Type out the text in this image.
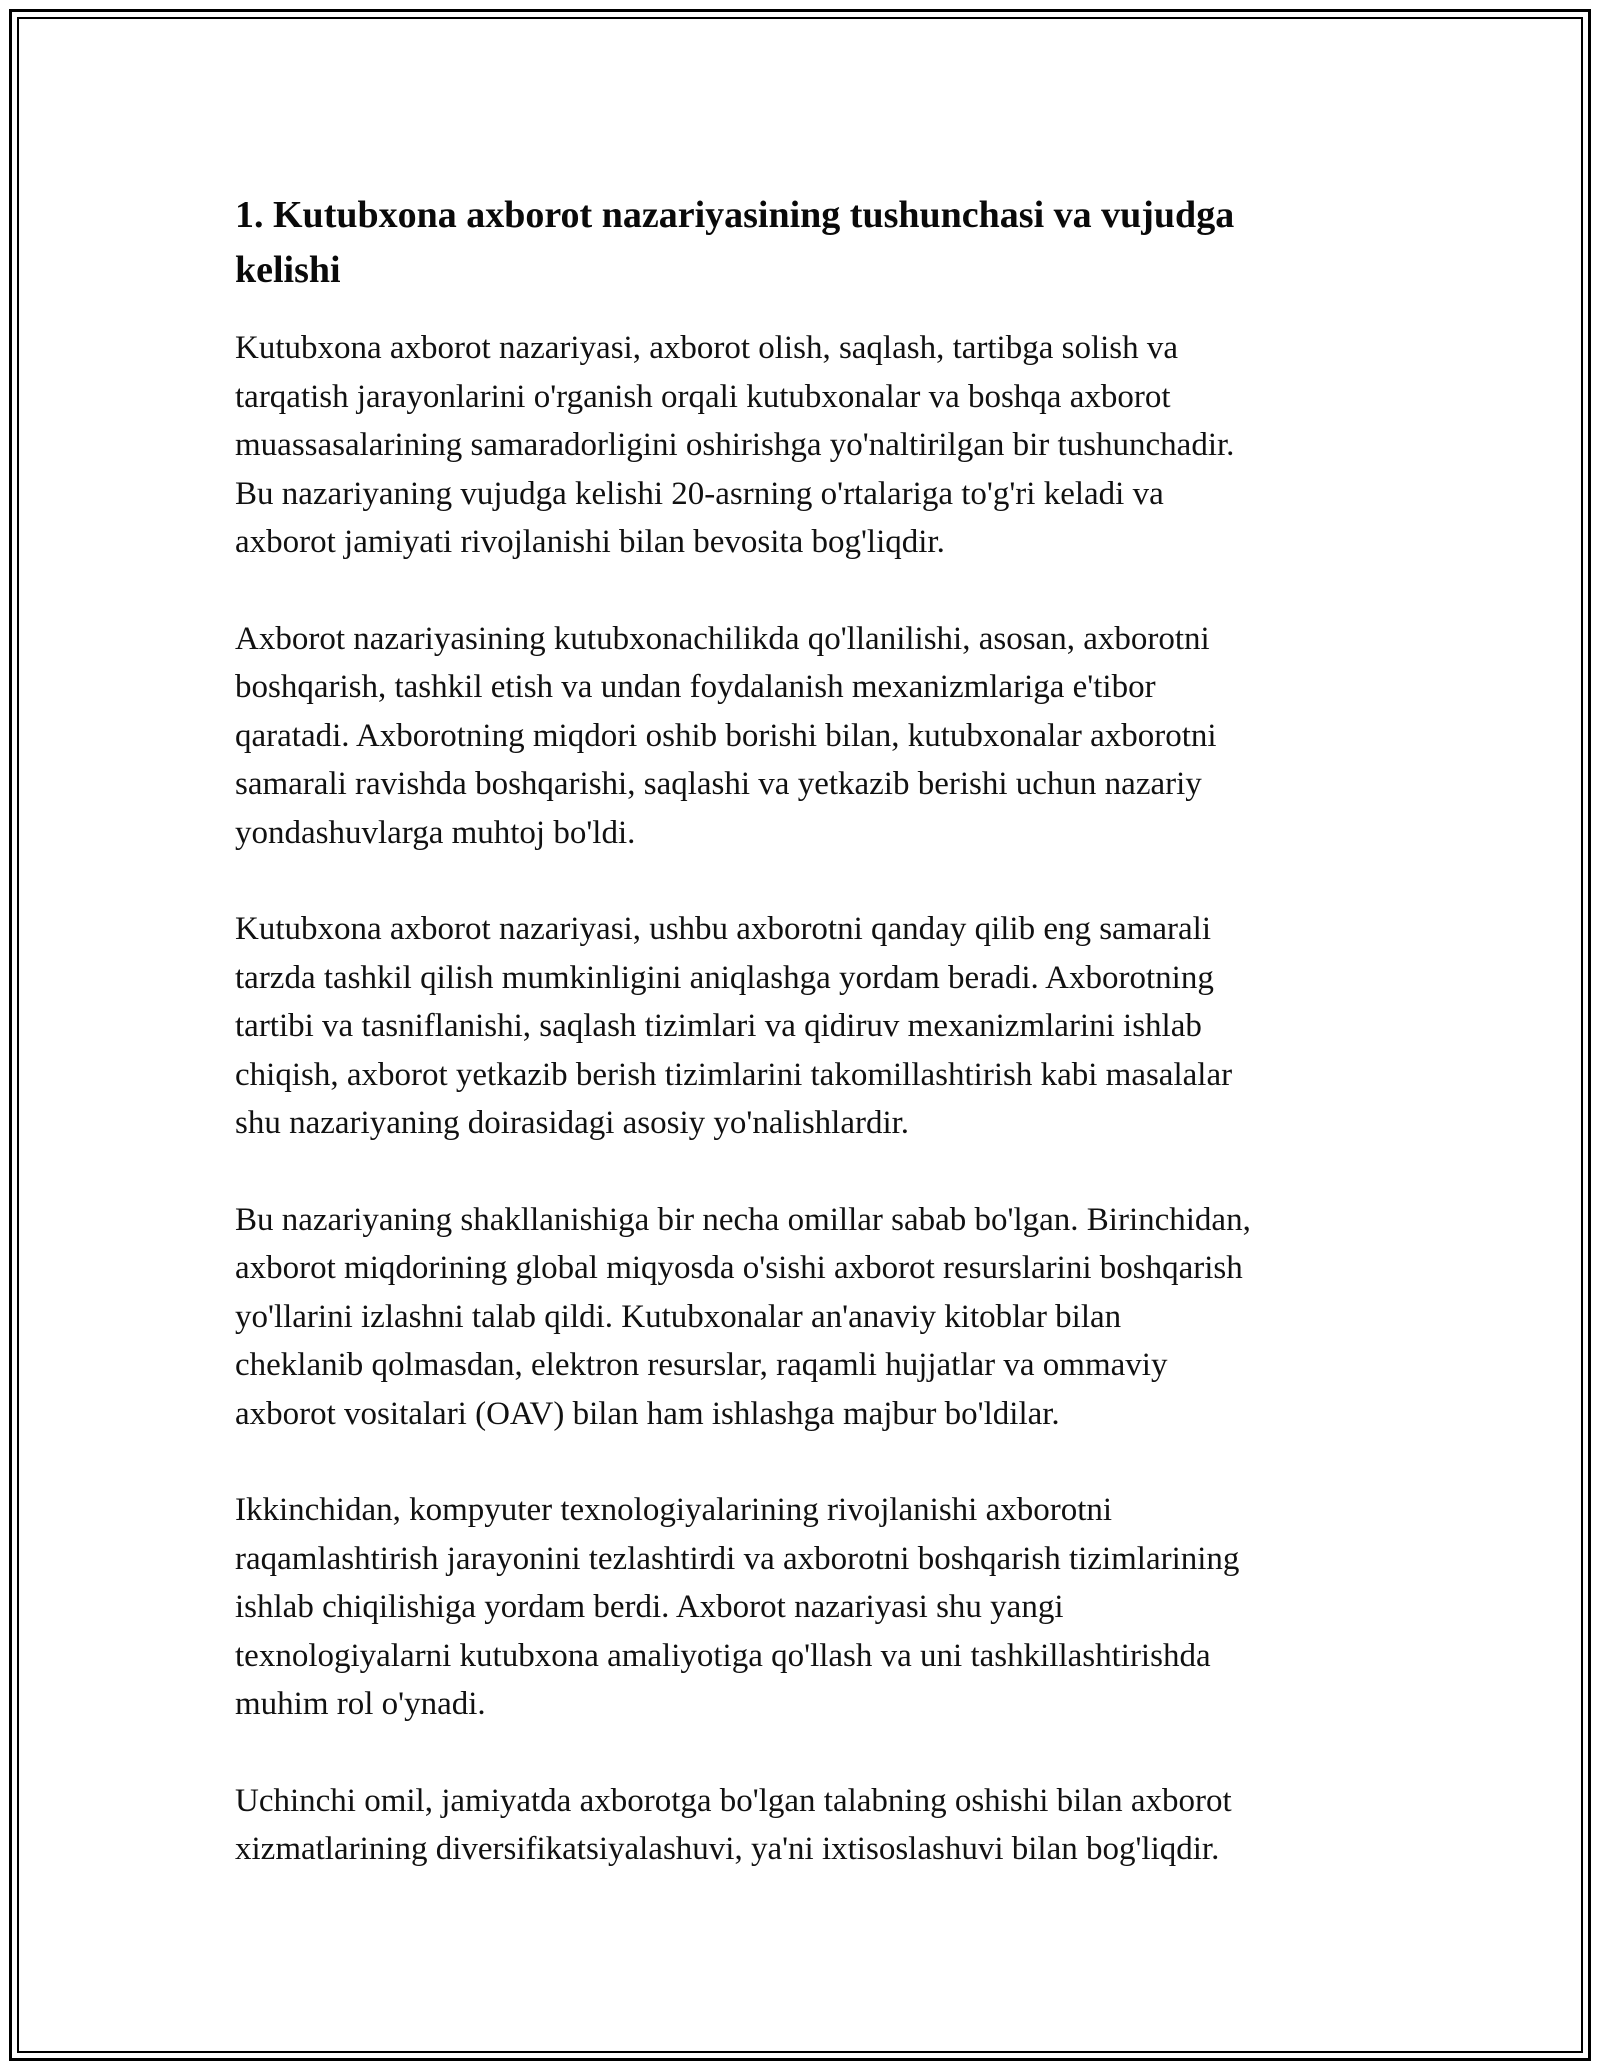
1. Kutubxona axborot nazariyasining tushunchasi va vujudga
kelishi

Kutubxona axborot nazariyasi, axborot olish, saqlash, tartibga solish va
tarqatish jarayonlarini o'rganish orqali kutubxonalar va boshqa axborot
muassasalarining samaradorligini oshirishga yo'naltirilgan bir tushunchadir.
Bu nazariyaning vujudga kelishi 20-asrning o'rtalariga to'g'ri keladi va
axborot jamiyati rivojlanishi bilan bevosita bog'liqdir.

Axborot nazariyasining kutubxonachilikda qo'llanilishi, asosan, axborotni
boshqarish, tashkil etish va undan foydalanish mexanizmlariga e'tibor
qaratadi. Axborotning miqdori oshib borishi bilan, kutubxonalar axborotni
samarali ravishda boshqarishi, saqlashi va yetkazib berishi uchun nazariy
yondashuvlarga muhtoj bo'ldi.

Kutubxona axborot nazariyasi, ushbu axborotni qanday qilib eng samarali
tarzda tashkil qilish mumkinligini aniqlashga yordam beradi. Axborotning
tartibi va tasniflanishi, saqlash tizimlari va qidiruv mexanizmlarini ishlab
chiqish, axborot yetkazib berish tizimlarini takomillashtirish kabi masalalar
shu nazariyaning doirasidagi asosiy yo'nalishlardir.

Bu nazariyaning shakllanishiga bir necha omillar sabab bo'lgan. Birinchidan,
axborot miqdorining global miqyosda o'sishi axborot resurslarini boshqarish
yo'llarini izlashni talab qildi. Kutubxonalar an'anaviy kitoblar bilan
cheklanib qolmasdan, elektron resurslar, raqamli hujjatlar va ommaviy
axborot vositalari (OAV) bilan ham ishlashga majbur bo'ldilar.

Ikkinchidan, kompyuter texnologiyalarining rivojlanishi axborotni
raqamlashtirish jarayonini tezlashtirdi va axborotni boshqarish tizimlarining
ishlab chiqilishiga yordam berdi. Axborot nazariyasi shu yangi
texnologiyalarni kutubxona amaliyotiga qo'llash va uni tashkillashtirishda
muhim rol o'ynadi.

Uchinchi omil, jamiyatda axborotga bo'lgan talabning oshishi bilan axborot
xizmatlarining diversifikatsiyalashuvi, ya'ni ixtisoslashuvi bilan bog'liqdir.
